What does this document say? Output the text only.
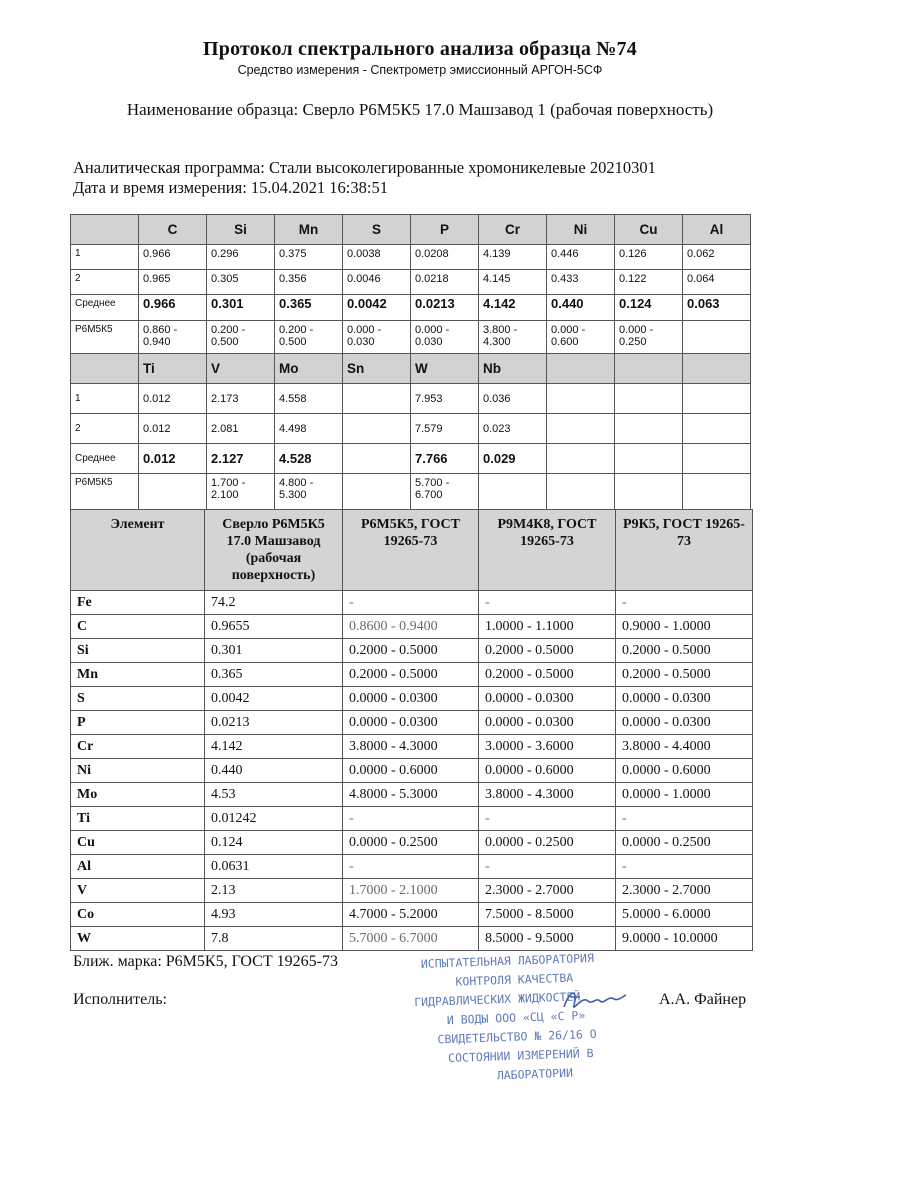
Протокол спектрального анализа образца №74
Средство измерения - Спектрометр эмиссионный АРГОН-5СФ
Наименование образца: Сверло Р6М5К5 17.0 Машзавод 1 (рабочая поверхность)
Аналитическая программа: Стали высоколегированные хромоникелевые 20210301
Дата и время измерения: 15.04.2021 16:38:51
	C	Si	Mn	S	P	Cr	Ni	Cu	Al
1	0.966	0.296	0.375	0.0038	0.0208	4.139	0.446	0.126	0.062
2	0.965	0.305	0.356	0.0046	0.0218	4.145	0.433	0.122	0.064
Среднее	0.966	0.301	0.365	0.0042	0.0213	4.142	0.440	0.124	0.063
Р6М5К5	0.860 - 0.940	0.200 - 0.500	0.200 - 0.500	0.000 - 0.030	0.000 - 0.030	3.800 - 4.300	0.000 - 0.600	0.000 - 0.250	
	Ti	V	Mo	Sn	W	Nb			
1	0.012	2.173	4.558		7.953	0.036			
2	0.012	2.081	4.498		7.579	0.023			
Среднее	0.012	2.127	4.528		7.766	0.029			
Р6М5К5		1.700 - 2.100	4.800 - 5.300		5.700 - 6.700				
Элемент	Сверло Р6М5К5 17.0 Машзавод (рабочая поверхность)	Р6М5К5, ГОСТ 19265-73	Р9М4К8, ГОСТ 19265-73	Р9К5, ГОСТ 19265-73
Fe	74.2	-	-	-
C	0.9655	0.8600 - 0.9400	1.0000 - 1.1000	0.9000 - 1.0000
Si	0.301	0.2000 - 0.5000	0.2000 - 0.5000	0.2000 - 0.5000
Mn	0.365	0.2000 - 0.5000	0.2000 - 0.5000	0.2000 - 0.5000
S	0.0042	0.0000 - 0.0300	0.0000 - 0.0300	0.0000 - 0.0300
P	0.0213	0.0000 - 0.0300	0.0000 - 0.0300	0.0000 - 0.0300
Cr	4.142	3.8000 - 4.3000	3.0000 - 3.6000	3.8000 - 4.4000
Ni	0.440	0.0000 - 0.6000	0.0000 - 0.6000	0.0000 - 0.6000
Mo	4.53	4.8000 - 5.3000	3.8000 - 4.3000	0.0000 - 1.0000
Ti	0.01242	-	-	-
Cu	0.124	0.0000 - 0.2500	0.0000 - 0.2500	0.0000 - 0.2500
Al	0.0631	-	-	-
V	2.13	1.7000 - 2.1000	2.3000 - 2.7000	2.3000 - 2.7000
Co	4.93	4.7000 - 5.2000	7.5000 - 8.5000	5.0000 - 6.0000
W	7.8	5.7000 - 6.7000	8.5000 - 9.5000	9.0000 - 10.0000
Ближ. марка: Р6М5К5, ГОСТ 19265-73
Исполнитель:	А.А. Файнер
ИСПЫТАТЕЛЬНАЯ ЛАБОРАТОРИЯ
КОНТРОЛЯ КАЧЕСТВА
ГИДРАВЛИЧЕСКИХ ЖИДКОСТЕЙ
И ВОДЫ ООО «СЦ «С Р»
СВИДЕТЕЛЬСТВО № 26/16 О
СОСТОЯНИИ ИЗМЕРЕНИЙ В
ЛАБОРАТОРИИ
